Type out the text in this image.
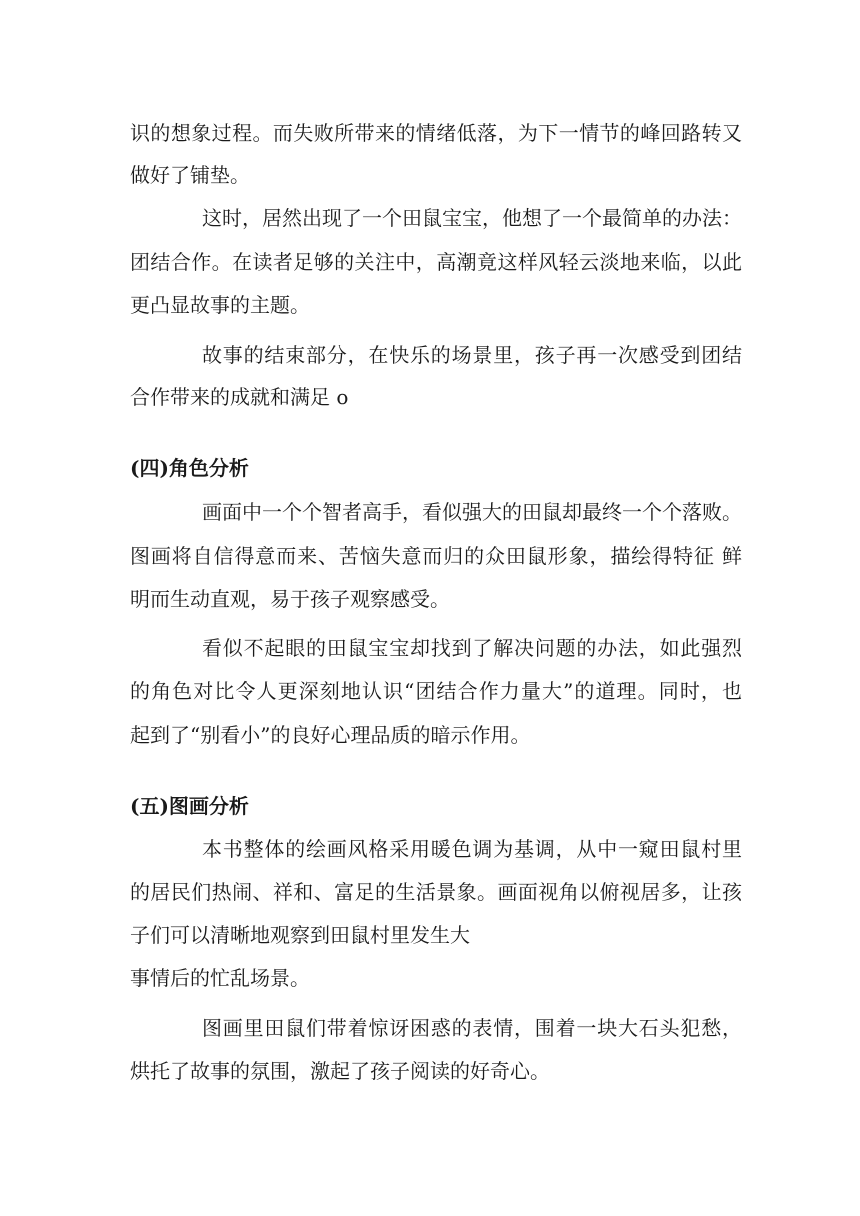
识的想象过程。而失败所带来的情绪低落，为下一情节的峰回路转又
做好了铺垫。
这时，居然出现了一个田鼠宝宝，他想了一个最简单的办法：
团结合作。在读者足够的关注中，高潮竟这样风轻云淡地来临，以此
更凸显故事的主题。
故事的结束部分，在快乐的场景里，孩子再一次感受到团结
合作带来的成就和满足 o
(四)角色分析
画面中一个个智者高手，看似强大的田鼠却最终一个个落败。
图画将自信得意而来、苦恼失意而归的众田鼠形象，描绘得特征 鲜
明而生动直观，易于孩子观察感受。
看似不起眼的田鼠宝宝却找到了解决问题的办法，如此强烈
的角色对比令人更深刻地认识“团结合作力量大”的道理。同时，也
起到了“别看小”的良好心理品质的暗示作用。
(五)图画分析
本书整体的绘画风格采用暖色调为基调，从中一窥田鼠村里
的居民们热闹、祥和、富足的生活景象。画面视角以俯视居多，让孩
子们可以清晰地观察到田鼠村里发生大
事情后的忙乱场景。
图画里田鼠们带着惊讶困惑的表情，围着一块大石头犯愁，
烘托了故事的氛围，激起了孩子阅读的好奇心。
